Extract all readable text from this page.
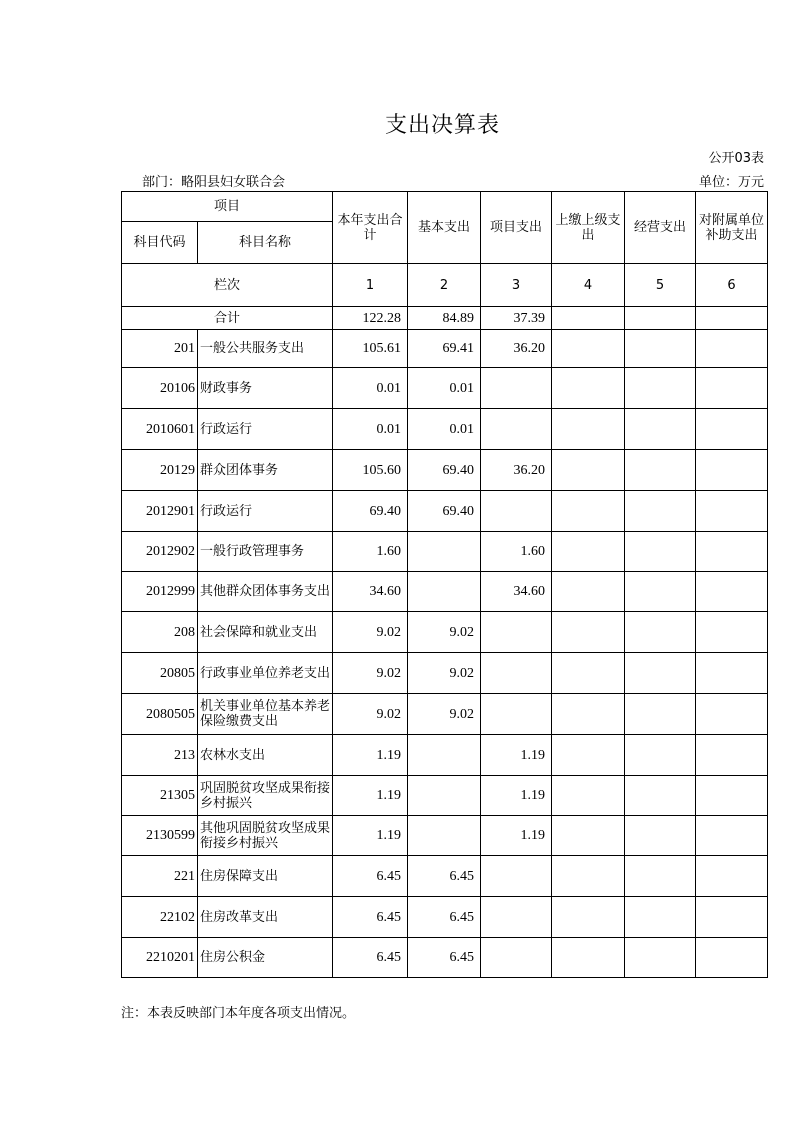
支出决算表
公开03表
部门：略阳县妇女联合会	单位：万元
项目		本年支出合计	基本支出	项目支出	上缴上级支出	经营支出	对附属单位补助支出
科目代码	科目名称						
栏次		1	2	3	4	5	6
合计		122.28	84.89	37.39			
201	一般公共服务支出	105.61	69.41	36.20			
20106	财政事务	0.01	0.01				
2010601	行政运行	0.01	0.01				
20129	群众团体事务	105.60	69.40	36.20			
2012901	行政运行	69.40	69.40				
2012902	一般行政管理事务	1.60		1.60			
2012999	其他群众团体事务支出	34.60		34.60			
208	社会保障和就业支出	9.02	9.02				
20805	行政事业单位养老支出	9.02	9.02				
2080505	机关事业单位基本养老保险缴费支出	9.02	9.02				
213	农林水支出	1.19		1.19			
21305	巩固脱贫攻坚成果衔接乡村振兴	1.19		1.19			
2130599	其他巩固脱贫攻坚成果衔接乡村振兴	1.19		1.19			
221	住房保障支出	6.45	6.45				
22102	住房改革支出	6.45	6.45				
2210201	住房公积金	6.45	6.45				
注：本表反映部门本年度各项支出情况。
